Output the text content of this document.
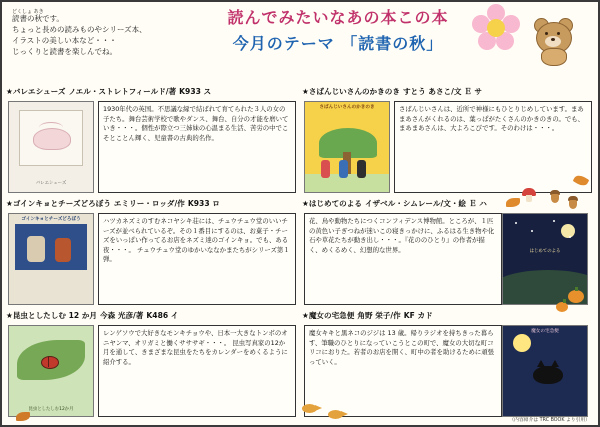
どくしょ あき
読書の秋です。
ちょっと長めの読みものやシリーズ本、
イラストの美しい本など・・・
じっくりと読書を楽しんでね。
読んでみたいなあの本この本
今月のテーマ 「読書の秋」
★バレエシューズ ノエル・ストレトフィールド/著 K933 ス
バレエシューズ
1930年代の英国。不思議な縁で結ばれて育てられた３人の女の子たち。舞台芸術学校で歌やダンス、舞台、自分の才能を磨いていき・・・。個性が際立つ三姉妹の心温まる生活、苦労の中でこそとことん輝く、児童書の古典的名作。
★さばんじいさんのかきのき すとう あさこ/文 Ｅ サ
さばんじいさんのかきのき	さばんじいさんは、近所で神様にもひとりじめしています。まあまあさんがくれるのは、葉っぱがたくさんのかきのきの。でも、まあまあさんは、大よろこびです。そのわけは・・・。
★ゴインキョとチーズどろぼう エミリー・ロッダ/作 K933 ロ
ゴインキョとチーズどろぼう	ハツカネズミのすむネコヤシキ荘には、チュウチュウ堂のいいチーズが並べられているぞ。その１番目にするのは、お菓子・チーズをいっぱい作ってるお店をネズミ達のゴインキョ。でも、ある夜・・・。 チュウチュウ堂のゆかいななかまたちがシリーズ第１弾。
★はじめてのよる イザベル・シムレール/文・絵 Ｅ ハ
花、鳥や動物たちにつくコンフィデンス博物館。ところが、１匹の黄色い子ぎつねが迷いこの寝きっかけに、ふるはる生き物や化石や草花たちが動き出し・・・。『花ののひとり』の作者が描く、めくるめく、幻想的な世界。	はじめてのよる
★昆虫としたしむ 12 か月 今森 光彦/著 K486 イ
昆虫としたしむ12か月
レンゲソウで大好きなモンキチョウや、日本一大きなトンボのオニヤンマ、オリガミと働くサササギ・・・。 昆虫写真家の12か月を通して、きまざまな昆虫をたちをカレンダーをめくるように紹介する。
★魔女の宅急便 角野 栄子/作 KF カド
魔女キキと黒ネコのジジは 13 歳。帰りラジオを持ちきった暮らす、筆職のひとりになっていこうとこの町で、魔女の大切な町コリコにおりた。若者のお店を開く、町中の者を助けるために頑張っていく。
魔女の宅急便
（内容紹介は TRC BOOK より引用）
